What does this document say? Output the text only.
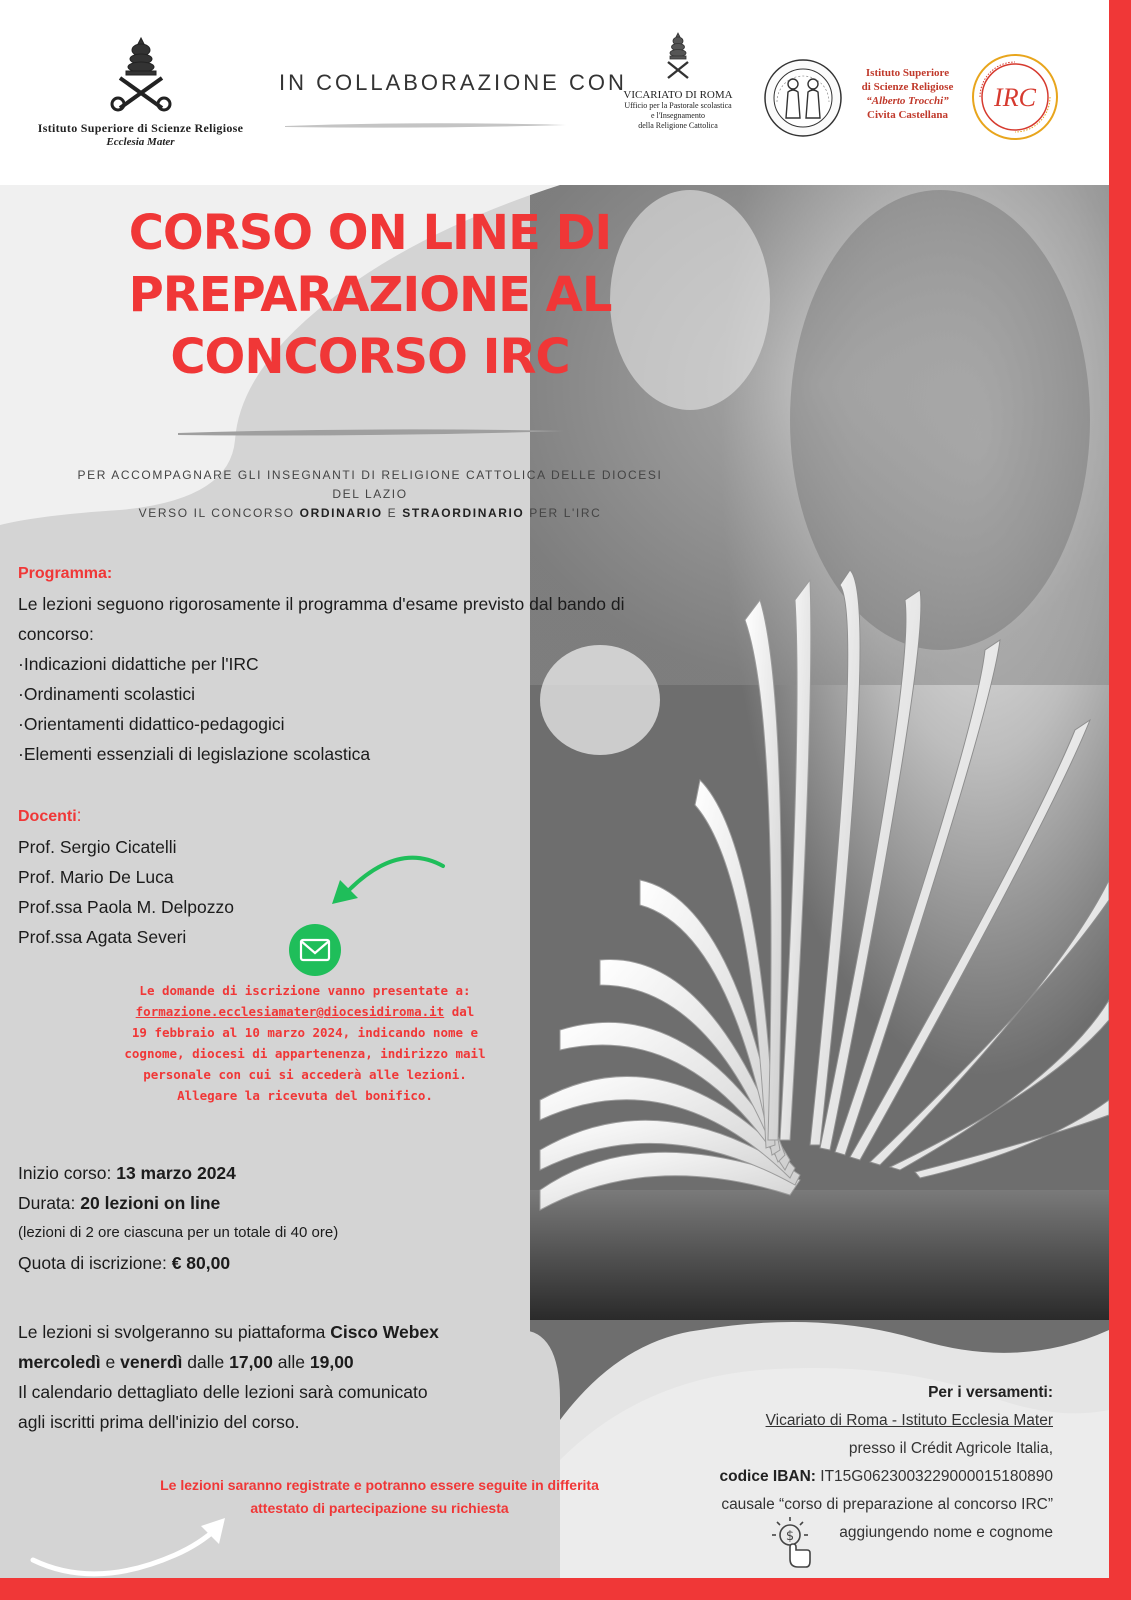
Istituto Superiore di Scienze Religiose
Ecclesia Mater
IN COLLABORAZIONE CON
VICARIATO DI ROMA
Ufficio per la Pastorale scolastica
e l'Insegnamento
della Religione Cattolica
Istituto Superiore
di Scienze Religiose
“Alberto Trocchi”
Civita Castellana
IRC
CORSO ON LINE DI
PREPARAZIONE AL
CONCORSO IRC
PER ACCOMPAGNARE GLI INSEGNANTI DI RELIGIONE CATTOLICA DELLE DIOCESI
DEL LAZIO
VERSO IL CONCORSO ORDINARIO E STRAORDINARIO PER L'IRC
Programma:
Le lezioni seguono rigorosamente il programma d'esame previsto dal bando di concorso:
·Indicazioni didattiche per l'IRC
·Ordinamenti scolastici
·Orientamenti didattico-pedagogici
·Elementi essenziali di legislazione scolastica
Docenti:
Prof. Sergio Cicatelli
Prof. Mario De Luca
Prof.ssa Paola M. Delpozzo
Prof.ssa Agata Severi
Le domande di iscrizione vanno presentate a:
formazione.ecclesiamater@diocesidiroma.it dal
19 febbraio al 10 marzo 2024, indicando nome e
cognome, diocesi di appartenenza, indirizzo mail
personale con cui si accederà alle lezioni.
Allegare la ricevuta del bonifico.
Inizio corso: 13 marzo 2024
Durata: 20 lezioni on line
(lezioni di 2 ore ciascuna per un totale di 40 ore)
Quota di iscrizione: € 80,00
Le lezioni si svolgeranno su piattaforma Cisco Webex
mercoledì e venerdì dalle 17,00 alle 19,00
Il calendario dettagliato delle lezioni sarà comunicato
agli iscritti prima dell'inizio del corso.
Le lezioni saranno registrate e potranno essere seguite in differita
attestato di partecipazione su richiesta
Per i versamenti:
Vicariato di Roma - Istituto Ecclesia Mater
presso il Crédit Agricole Italia,
codice IBAN: IT15G0623003229000015180890
causale “corso di preparazione al concorso IRC”
aggiungendo nome e cognome
$
